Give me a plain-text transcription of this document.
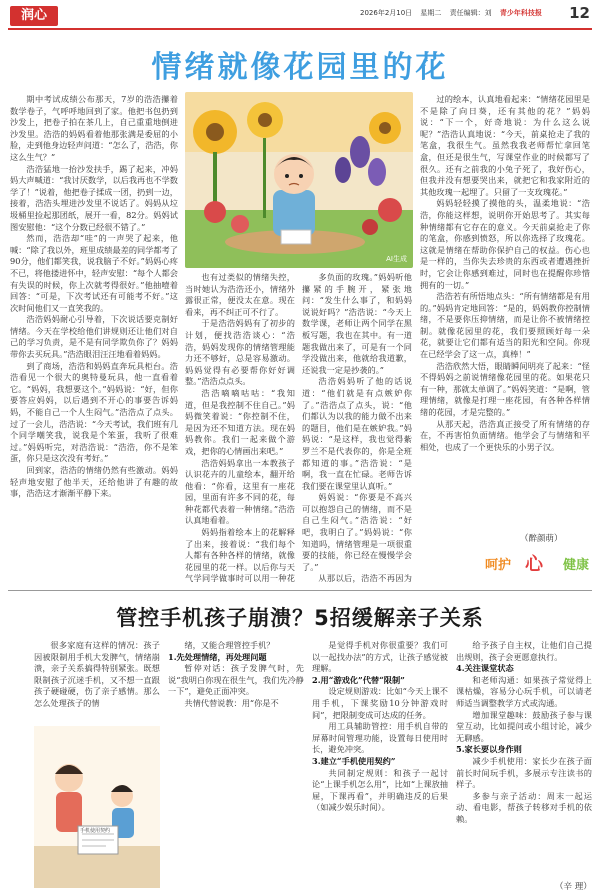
润心	2026年2月10日 星期二 责任编辑：刘 青少年科技报	12
情绪就像花园里的花

期中考试成绩公布那天，7岁的浩浩攥着数学卷子，气呼呼地回到了家。他把书包扔到沙发上，把卷子拍在茶几上，自己重重地倒进沙发里。浩浩的妈妈看着他那张满是委屈的小脸，走到他身边轻声问道：“怎么了，浩浩，你这么生气？”

浩浩猛地一抬沙发扶手，踢了起来，冲妈妈大声喊道：“我讨厌数学，以后我再也不学数学了！”说着，他把卷子揉成一团，扔到一边，接着，浩浩头埋进沙发里不说话了。妈妈从垃圾桶里捡起那团纸，展开一看，82分。妈妈试图安慰他：“这个分数已经很不错了。”

然而，浩浩却“哇”的一声哭了起来，他喊：“除了我以外，班里成绩最差的同学都考了90分，他们都笑我，说我脑子不好。”妈妈心疼不已，将他搂进怀中，轻声安慰：“每个人都会有失误的时候，你上次就考得很好。”他抽噎着回答：“可是，下次考试还有可能考不好。”这次时间他们又一直笑我的。

浩浩妈妈耐心引导着，下次说话要克制好情绪。今天在学校给他们讲规则还让他们对自己的学习负责，是不是有同学欺负你了？妈妈带你去买玩具。”浩浩眼泪汪汪地看着妈妈。

到了商场，浩浩和妈妈直奔玩具柜台。浩浩看见一个很大的奥特曼玩具，他一直看着它。“妈妈，我想要这个。”妈妈说：“好，但你要答应妈妈，以后遇到不开心的事要告诉妈妈，不能自己一个人生闷气。”浩浩点了点头。过了一会儿，浩浩说：“今天考试，我们班有几个同学嘲笑我，说我是个笨蛋，我听了很难过。”妈妈听完，对浩浩说：“浩浩，你不是笨蛋，你只是这次没有考好。”

回到家，浩浩的情绪仍然有些激动。妈妈轻声地安慰了他半天，还给他讲了有趣的故事，浩浩这才渐渐平静下来。

AI生成

也有过类似的情绪失控，当时她认为浩浩还小，情绪外露很正常，便没太在意。现在看来，再不纠正可不行了。

于是浩浩妈妈有了初步的计划，便找浩浩谈心：“浩浩，妈妈发现你的情绪管理能力还不够好，总是容易激动。妈妈觉得有必要帮你好好调整。”浩浩点点头。

浩浩嘀嘀咕咕：“我知道，但是我控制不住自己。”妈妈微笑着说：“你控制不住，是因为还不知道方法。现在妈妈教你。我们一起来做个游戏，把你的心情画出来吧。”

浩浩妈妈拿出一本教孩子认识花卉的儿童绘本，翻开给他看：“你看，这里有一座花园，里面有许多不同的花，每种花都代表着一种情绪。”浩浩认真地看着。

妈妈指着绘本上的花解释了出来，接着说：“我们每个人都有各种各样的情绪，就像花园里的花一样。以后你与天气学同学做事时可以用一种花

多负面的玫瑰。”妈妈听他攥紧的手腕开，紧张地问：“发生什么事了，和妈妈说说好吗？”浩浩说：“今天上数学课，老师让两个同学在黑板写题，我也在其中。有一道题我做出来了，可是有一个同学没做出来，他就给我道歉，还说我一定是抄袭的。”

浩浩妈妈听了他的话说道：“他们就是有点嫉妒你了。”浩浩点了点头，说：“他们都认为以我的能力做不出来的题目，他们是在嫉妒我。”妈妈说：“是这样，我也觉得紫罗兰不是代表你的，你是全班都知道的事。”浩浩说：“是啊，我一直在忙碌。老师告诉我们要在课堂里认真听。”

妈妈说：“你要是不高兴可以抱怨自己的情绪，而不是自己生闷气。”浩浩说：“好吧，我明白了。”妈妈说：“你知道吗，情绪管理是一项很重要的技能，你已经在慢慢学会了。”

从那以后，浩浩不再因为

过的绘本，认真地看起来：“情绪花园里是不是除了向日葵，还有其他的花？”妈妈说：“下一个，好奇地说：为什么这么说呢？”浩浩认真地说：“今天，前桌抢走了我的笔盒，我很生气。虽然我我老师帮忙拿回笔盒，但还是很生气，写课堂作业的时候都写了很久。还有之前我的小兔子死了，我好伤心，但我并没有想要哭出来，就把它和我家附近的其他玫瑰一起埋了。只留了一支玫瑰花。”

妈妈轻轻摸了摸他的头，温柔地说：“浩浩，你能这样想，说明你开始思考了。其实每种情绪都有它存在的意义。今天前桌抢走了你的笔盒，你感到愤怒，所以你选择了玫瑰花。这就是情绪在帮助你保护自己的权益。伤心也是一样的，当你失去珍贵的东西或者遭遇挫折时，它会让你感到难过，同时也在提醒你珍惜拥有的一切。”

浩浩若有所悟地点头：“所有情绪都是有用的。”妈妈肯定地回答：“是的，妈妈教你控制情绪，不是要你压抑情绪，而是让你不被情绪控制。就像花园里的花，我们要照顾好每一朵花，就要让它们都有适当的阳光和空间。你现在已经学会了这一点，真棒！”

浩浩欣然大悟，眼睛瞬间明亮了起来：“怪不得妈妈之前说情绪像花园里的花。如果花只有一种，那就太单调了。”妈妈笑道：“是啊，管理情绪，就像是打理一座花园，有各种各样情绪的花园，才是完整的。”

从那天起，浩浩真正接受了所有情绪的存在，不再害怕负面情绪。他学会了与情绪和平相处，也成了一个更快乐的小男子汉。

（醉颜萌）
呵护 心 健康
管控手机孩子崩溃？5招缓解亲子关系

很多家庭有这样的情况：孩子因被限制用手机大发脾气，情绪崩溃，亲子关系搞得特别紧张。既想限制孩子沉迷手机，又不想一直跟孩子硬碰硬，伤了亲子感情。那么怎么处理孩子的情

手机使用契约

绪，又能合理管控手机？

1.先处理情绪，再处理问题

暂停对话：孩子发脾气时，先说“我明白你现在很生气，我们先冷静一下”，避免正面冲突。

共情代替说教：用“你是不

是觉得手机对你很重要？我们可以一起找办法”的方式，让孩子感觉被理解。

2.用“游戏化”代替“限制”

设定规则游戏：比如“今天上课不用手机，下课奖励10分钟游戏时间”，把限制变成可达成的任务。

用工具辅助管控：用手机自带的屏幕时间管理功能，设置每日使用时长，避免冲突。

3.建立“手机使用契约”

共同制定规则：和孩子一起讨论“上课手机怎么用”，比如“上课放抽屉，下课再看”，并明确违反的后果（如减少娱乐时间）。

给予孩子自主权，让他们自己提出规则，孩子会更愿意执行。

4.关注课堂状态

和老师沟通：如果孩子常觉得上课枯燥，容易分心玩手机，可以请老师适当调整教学方式或沟通。

增加课堂趣味：鼓励孩子参与课堂互动，比如提问或小组讨论，减少无聊感。

5.家长要以身作则

减少手机使用：家长少在孩子面前长时间玩手机，多展示专注读书的样子。

多参与亲子活动：周末一起运动、看电影，帮孩子转移对手机的依赖。

（辛 理）
